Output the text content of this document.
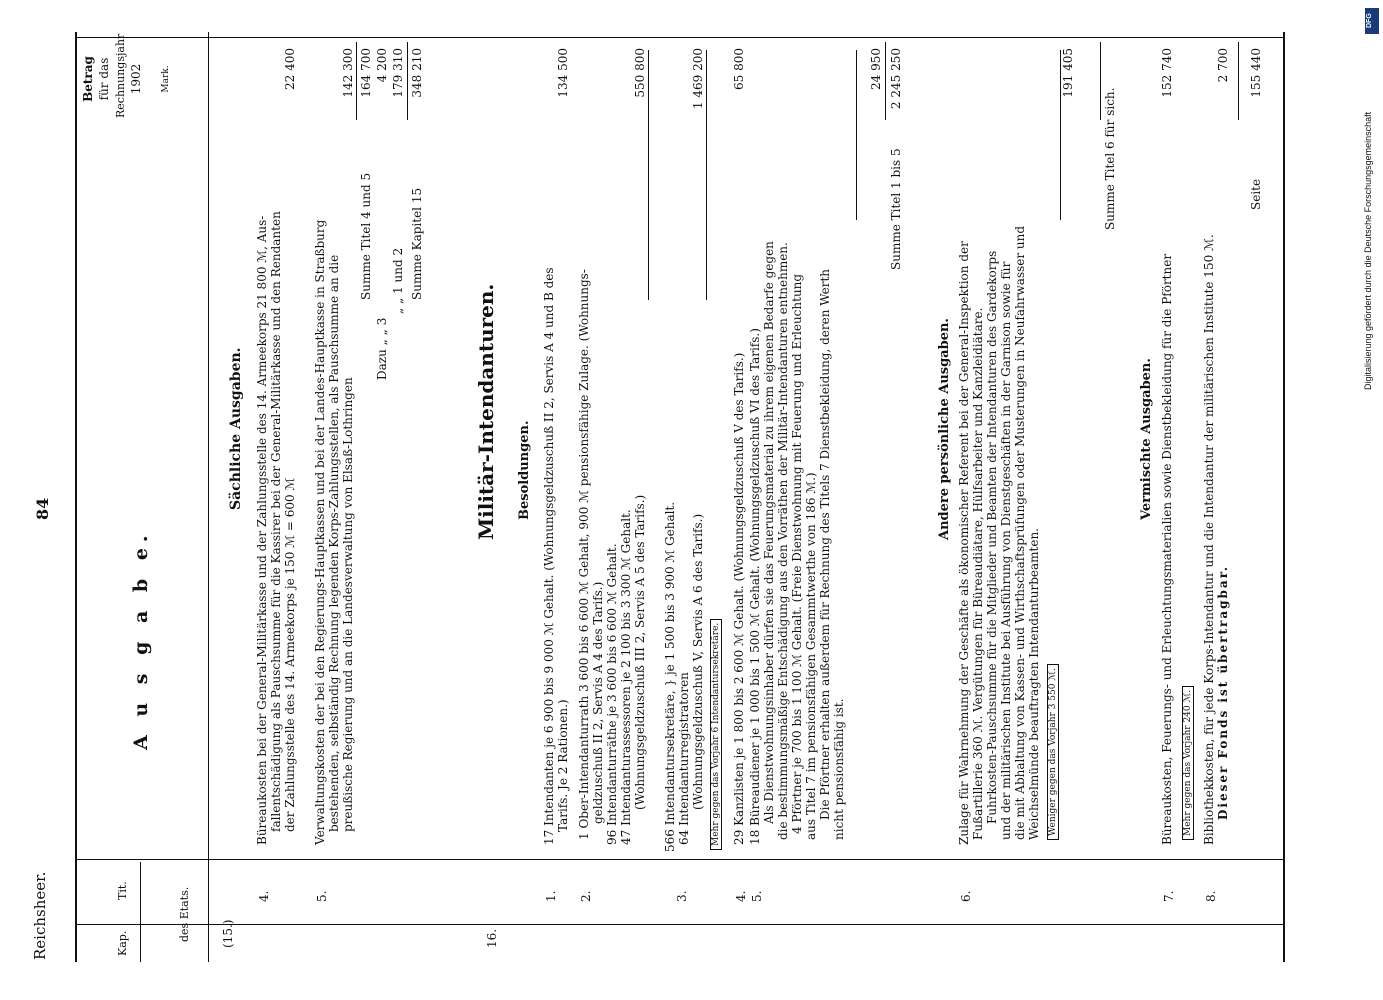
Reichsheer.
84
Kap.
Tit.	des Etats.
A u s g a b e.
Betrag für das Rechnungsjahr 1902 Mark.
(15.)
Sächliche Ausgaben.
4.
Büreaukosten bei der General-Militärkasse und der Zahlungsstelle des 14. Armeekorps 21 800 ℳ, Aus- fallentschädigung als Pauschsumme für die Kassirer bei der General-Militärkasse und den Rendanten der Zahlungsstelle des 14. Armeekorps je 150 ℳ = 600 ℳ
22 400
5.
Verwaltungskosten der bei den Regierungs-Hauptkassen und bei der Landes-Hauptkasse in Straßburg bestehenden, selbständig Rechnung legenden Korps-Zahlungsstellen, als Pauschsumme an die preußische Regierung und an die Landesverwaltung von Elsaß-Lothringen
142 300
Summe Titel 4 und 5
164 700
Dazu „ „ 3
4 200
„ „ 1 und 2
179 310
Summe Kapitel 15
348 210
16.
Militär-Intendanturen. Besoldungen.
1.
17 Intendanten je 6 900 bis 9 000 ℳ Gehalt. (Wohnungsgeldzuschuß II 2, Servis A 4 und B des Tarifs. Je 2 Rationen.)
134 500
2.
1 Ober-Intendanturrath 3 600 bis 6 600 ℳ Gehalt, 900 ℳ pensionsfähige Zulage. (Wohnungs- geldzuschuß II 2, Servis A 4 des Tarifs.) 96 Intendanturräthe je 3 600 bis 6 600 ℳ Gehalt. 47 Intendanturassessoren je 2 100 bis 3 300 ℳ Gehalt. (Wohnungsgeldzuschuß III 2, Servis A 5 des Tarifs.)
550 800
3.
566 Intendantursekretäre, } je 1 500 bis 3 900 ℳ Gehalt. 64 Intendanturregistratoren (Wohnungsgeldzuschuß V, Servis A 6 des Tarifs.) Mehr gegen das Vorjahr 6 Intendantursekretäre.
1 469 200
4.
29 Kanzlisten je 1 800 bis 2 600 ℳ Gehalt. (Wohnungsgeldzuschuß V des Tarifs.)
65 800
5.
18 Büreaudiener je 1 000 bis 1 500 ℳ Gehalt. (Wohnungsgeldzuschuß VI des Tarifs.) Als Dienstwohnungsinhaber dürfen sie das Feuerungsmaterial zu ihrem eigenen Bedarfe gegen die bestimmungsmäßige Entschädigung aus den Vorräthen der Militär-Intendanturen entnehmen. 4 Pförtner je 700 bis 1 100 ℳ Gehalt. (Freie Dienstwohnung mit Feuerung und Erleuchtung aus Titel 7 im pensionsfähigen Gesammtwerthe von 186 ℳ.) Die Pförtner erhalten außerdem für Rechnung des Titels 7 Dienstbekleidung, deren Werth nicht pensionsfähig ist.
24 950
Summe Titel 1 bis 5
2 245 250
Andere persönliche Ausgaben.
6.
Zulage für Wahrnehmung der Geschäfte als ökonomischer Referent bei der General-Inspektion der Fußartillerie 360 ℳ. Vergütungen für Büreaudiätare, Hülfsarbeiter und Kanzleidiätare. Fuhrkosten-Pauschsumme für die Mitglieder und Beamten der Intendanturen des Gardekorps und der militärischen Institute bei Ausführung von Dienstgeschäften in der Garnison sowie für die mit Abhaltung von Kassen- und Wirthschaftsprüfungen oder Musterungen in Neufahrwasser und Weichselmünde beauftragten Intendanturbeamten. Weniger gegen das Vorjahr 3 550 ℳ.
191 405
Summe Titel 6 für sich.
Vermischte Ausgaben.
7.
Büreaukosten, Feuerungs- und Erleuchtungsmaterialien sowie Dienstbekleidung für die Pförtner	Mehr gegen das Vorjahr 240 ℳ.
152 740
8.
Bibliothekkosten, für jede Korps-Intendantur und die Intendantur der militärischen Institute 150 ℳ. Dieser Fonds ist übertragbar.
2 700
Seite
155 440
Digitalisierung gefördert durch die Deutsche Forschungsgemeinschaft
DFG
